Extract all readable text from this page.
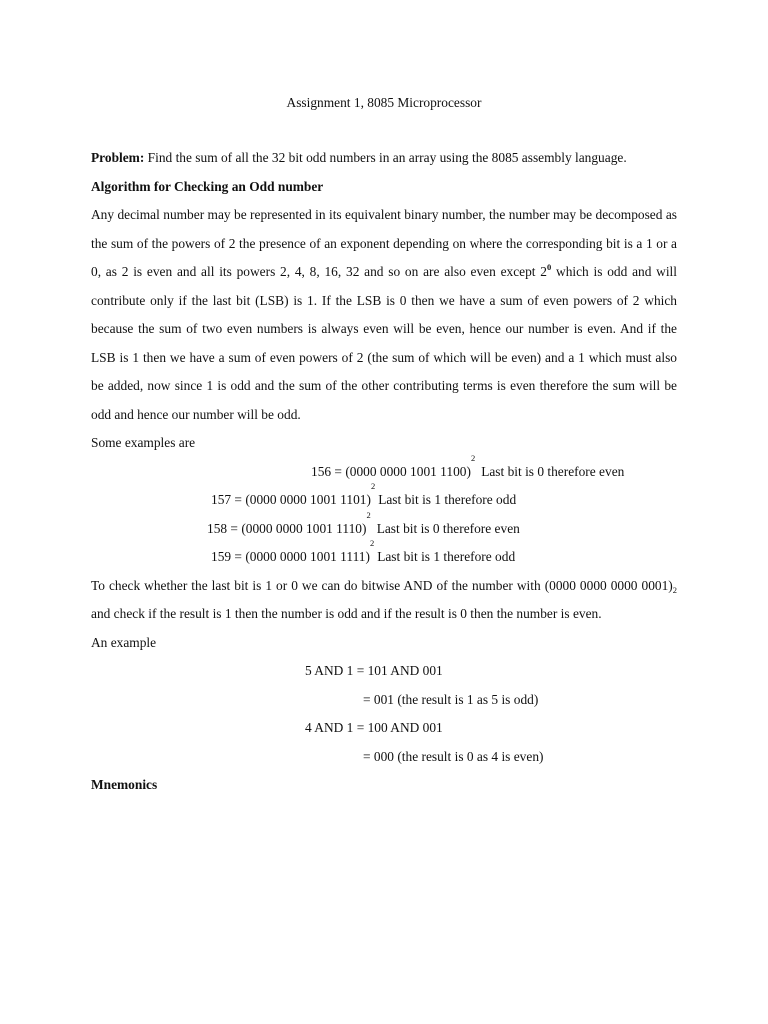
Assignment 1, 8085 Microprocessor
Problem: Find the sum of all the 32 bit odd numbers in an array using the 8085 assembly language.
Algorithm for Checking an Odd number
Any decimal number may be represented in its equivalent binary number, the number may be decomposed as the sum of the powers of 2 the presence of an exponent depending on where the corresponding bit is a 1 or a 0, as 2 is even and all its powers 2, 4, 8, 16, 32 and so on are also even except $2^0$ which is odd and will contribute only if the last bit (LSB) is 1. If the LSB is 0 then we have a sum of even powers of 2 which because the sum of two even numbers is always even will be even, hence our number is even. And if the LSB is 1 then we have a sum of even powers of 2 (the sum of which will be even) and a 1 which must also be added, now since 1 is odd and the sum of the other contributing terms is even therefore the sum will be odd and hence our number will be odd.
Some examples are
156 = (0000 0000 1001 1100)
2
Last bit is 0 therefore even
157 = (0000 0000 1001 1101)
2
Last bit is 1 therefore odd
158 = (0000 0000 1001 1110)
2
Last bit is 0 therefore even
159 = (0000 0000 1001 1111)
2
Last bit is 1 therefore odd
To check whether the last bit is 1 or 0 we can do bitwise AND of the number with (0000 0000 0000 $0001)_2$ and check if the result is 1 then the number is odd and if the result is 0 then the number is even.
An example
5 AND 1 = 101 AND 001
= 001 (the result is 1 as 5 is odd)
4 AND 1 = 100 AND 001
= 000 (the result is 0 as 4 is even)
Mnemonics
